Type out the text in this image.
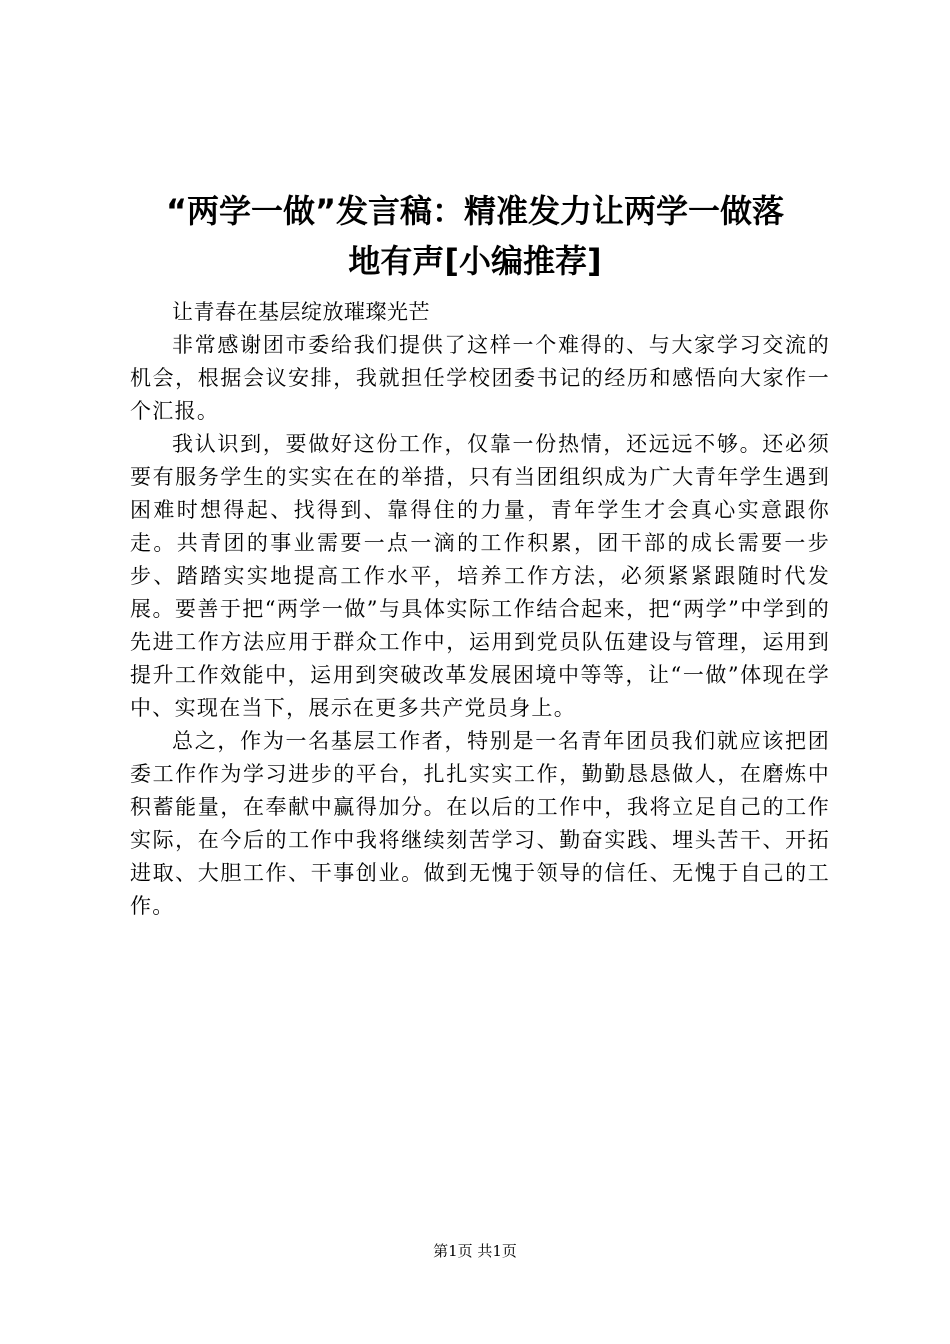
“两学一做”发言稿：精准发力让两学一做落
地有声[小编推荐]

让青春在基层绽放璀璨光芒

非常感谢团市委给我们提供了这样一个难得的、与大家学习交流的机会，根据会议安排，我就担任学校团委书记的经历和感悟向大家作一个汇报。

我认识到，要做好这份工作，仅靠一份热情，还远远不够。还必须要有服务学生的实实在在的举措，只有当团组织成为广大青年学生遇到困难时想得起、找得到、靠得住的力量，青年学生才会真心实意跟你走。共青团的事业需要一点一滴的工作积累，团干部的成长需要一步步、踏踏实实地提高工作水平，培养工作方法，必须紧紧跟随时代发展。要善于把“两学一做”与具体实际工作结合起来，把“两学”中学到的先进工作方法应用于群众工作中，运用到党员队伍建设与管理，运用到提升工作效能中，运用到突破改革发展困境中等等，让“一做”体现在学中、实现在当下，展示在更多共产党员身上。

总之，作为一名基层工作者，特别是一名青年团员我们就应该把团委工作作为学习进步的平台，扎扎实实工作，勤勤恳恳做人，在磨炼中积蓄能量，在奉献中赢得加分。在以后的工作中，我将立足自己的工作实际，在今后的工作中我将继续刻苦学习、勤奋实践、埋头苦干、开拓进取、大胆工作、干事创业。做到无愧于领导的信任、无愧于自己的工作。

第1页 共1页
